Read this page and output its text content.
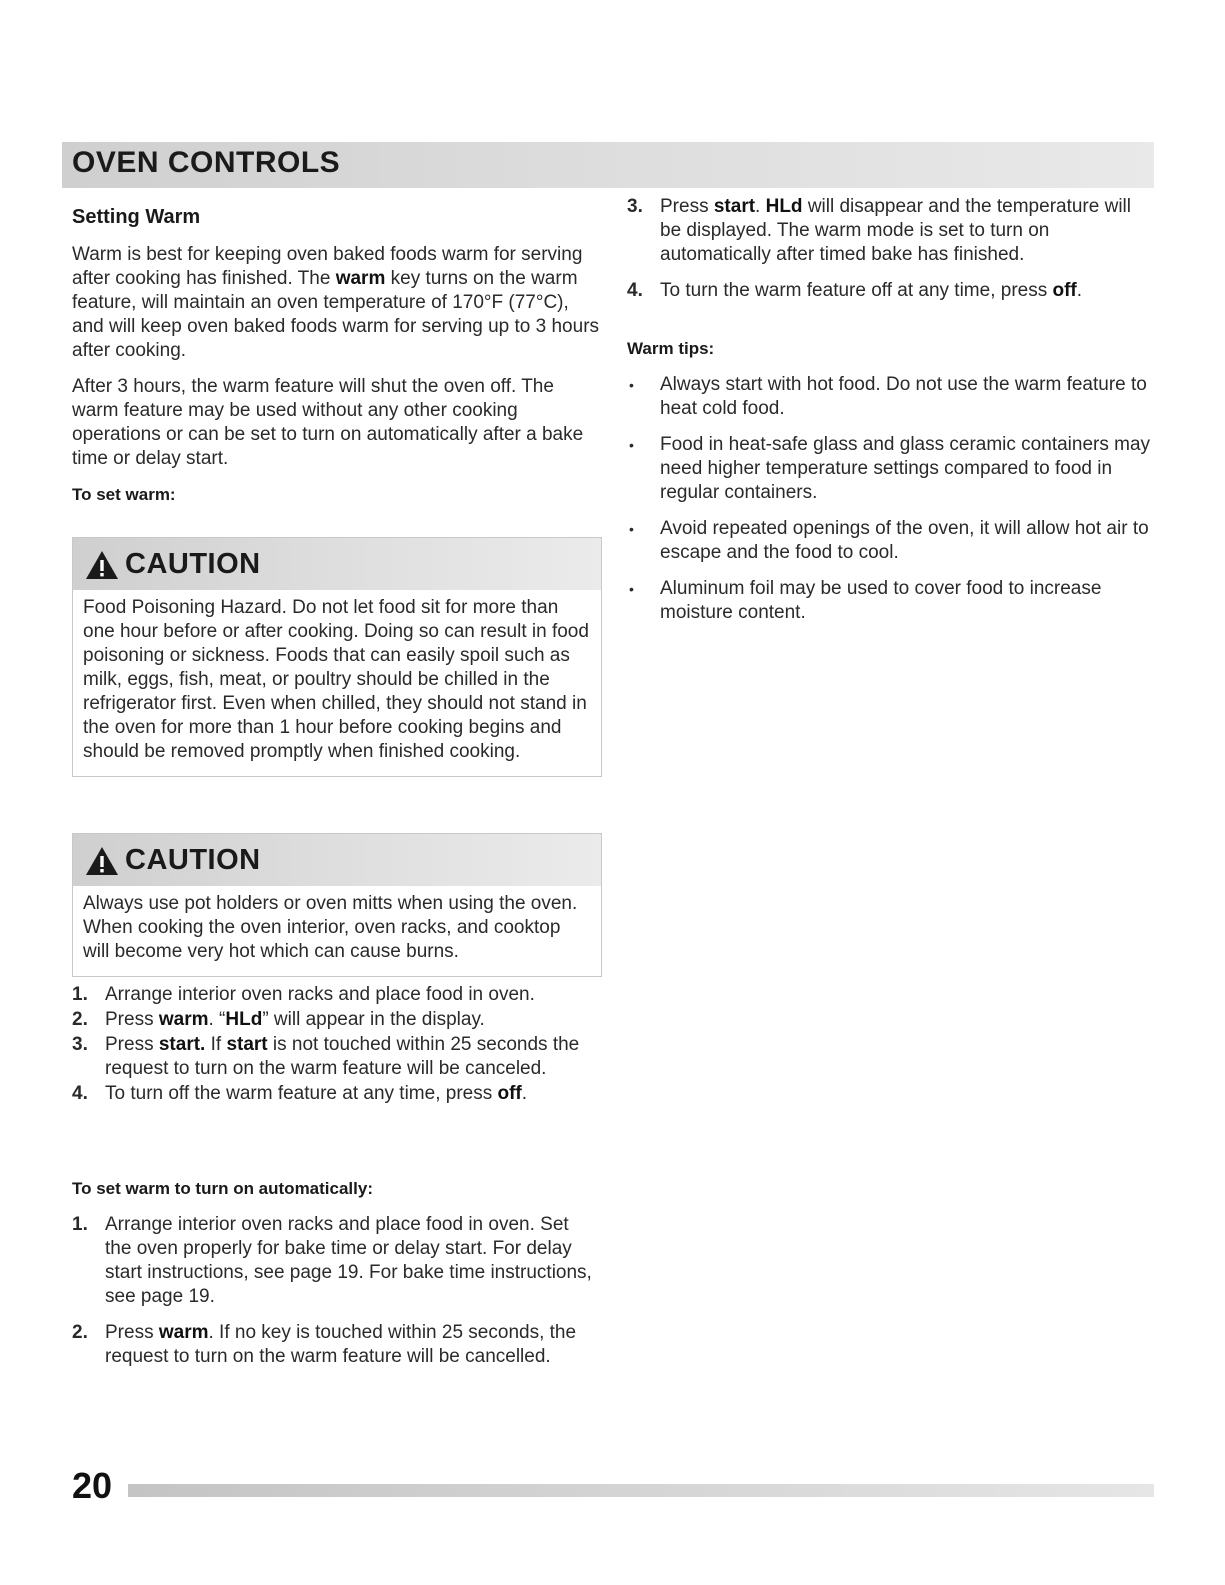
OVEN CONTROLS
Setting Warm

Warm is best for keeping oven baked foods warm for serving after cooking has finished. The warm key turns on the warm feature, will maintain an oven temperature of 170°F (77°C), and will keep oven baked foods warm for serving up to 3 hours after cooking.

After 3 hours, the warm feature will shut the oven off. The warm feature may be used without any other cooking operations or can be set to turn on automatically after a bake time or delay start.

To set warm:
CAUTION
Food Poisoning Hazard. Do not let food sit for more than one hour before or after cooking. Doing so can result in food poisoning or sickness. Foods that can easily spoil such as milk, eggs, fish, meat, or poultry should be chilled in the refrigerator first. Even when chilled, they should not stand in the oven for more than 1 hour before cooking begins and should be removed promptly when finished cooking.
CAUTION
Always use pot holders or oven mitts when using the oven. When cooking the oven interior, oven racks, and cooktop will become very hot which can cause burns.
1. Arrange interior oven racks and place food in oven.
2. Press warm. “HLd” will appear in the display.
3. Press start. If start is not touched within 25 seconds the request to turn on the warm feature will be canceled.
4. To turn off the warm feature at any time, press off.
To set warm to turn on automatically:
1. Arrange interior oven racks and place food in oven. Set the oven properly for bake time or delay start. For delay start instructions, see page 19. For bake time instructions, see page 19.
2. Press warm. If no key is touched within 25 seconds, the request to turn on the warm feature will be cancelled.
3. Press start. HLd will disappear and the temperature will be displayed. The warm mode is set to turn on automatically after timed bake has finished.
4. To turn the warm feature off at any time, press off.
Warm tips:
• Always start with hot food. Do not use the warm feature to heat cold food.
• Food in heat-safe glass and glass ceramic containers may need higher temperature settings compared to food in regular containers.
• Avoid repeated openings of the oven, it will allow hot air to escape and the food to cool.
• Aluminum foil may be used to cover food to increase moisture content.
20
